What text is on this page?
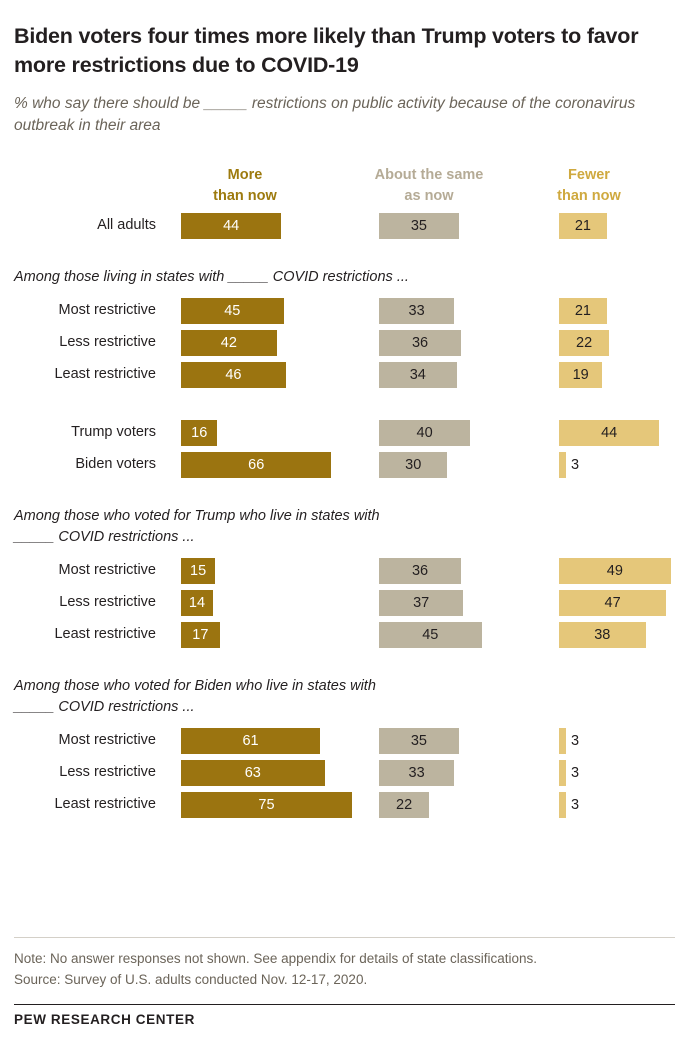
Biden voters four times more likely than Trump voters to favor more restrictions due to COVID-19

% who say there should be _____ restrictions on public activity because of the coronavirus outbreak in their area

More
than now
About the same
as now
Fewer
than now
All adults	44	35	21

Among those living in states with _____ COVID restrictions ...

Most restrictive	45	33	21
Less restrictive	42	36	22
Least restrictive	46	34	19
Trump voters 16	40	44
Biden voters	66	30	3

Among those who voted for Trump who live in states with _____ COVID restrictions ...

Most restrictive 15	36	49
Less restrictive 14	37	47
Least restrictive	17	45	38

Among those who voted for Biden who live in states with _____ COVID restrictions ...

Most restrictive	61	35	3
Less restrictive	63	33	3
Least restrictive	75	22	3

Note: No answer responses not shown. See appendix for details of state classifications.

Source: Survey of U.S. adults conducted Nov. 12-17, 2020.

PEW RESEARCH CENTER
